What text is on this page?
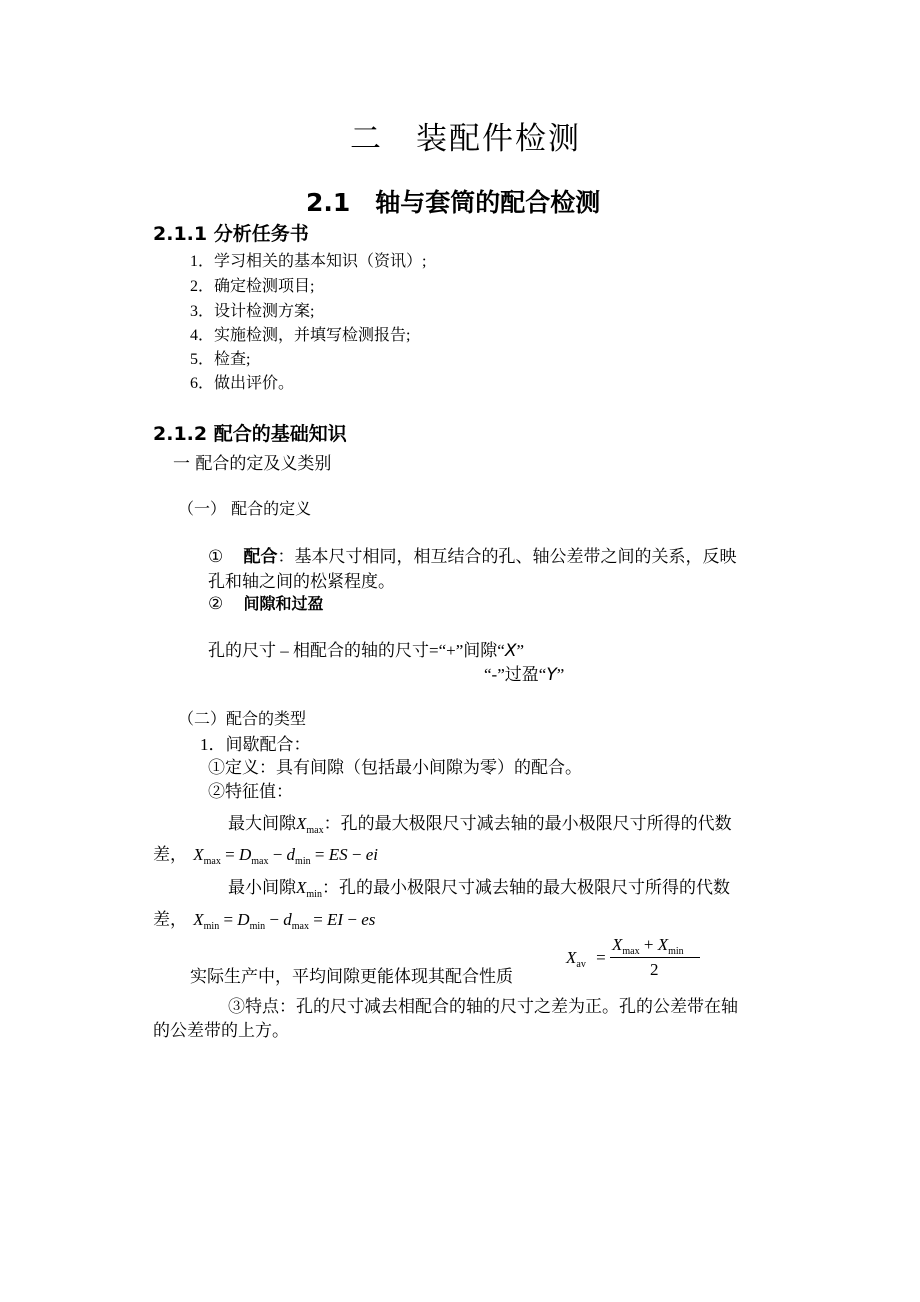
二　装配件检测
2.1　轴与套筒的配合检测
2.1.1 分析任务书
1．学习相关的基本知识（资讯）;
2．确定检测项目;
3．设计检测方案;
4．实施检测，并填写检测报告;
5．检查;
6．做出评价。
2.1.2 配合的基础知识
一 配合的定及义类别
（一） 配合的定义
① 配合：基本尺寸相同，相互结合的孔、轴公差带之间的关系，反映
孔和轴之间的松紧程度。
② 间隙和过盈
孔的尺寸 – 相配合的轴的尺寸=“+”间隙“X”
“-”过盈“Y”
（二）配合的类型
1．间歇配合：
①定义：具有间隙（包括最小间隙为零）的配合。
②特征值：
最大间隙$X_{max}$：孔的最大极限尺寸减去轴的最小极限尺寸所得的代数
差， $X_{max} = D_{max} - d_{min}$ = ES − ei
最小间隙$X_{min}$：孔的最小极限尺寸减去轴的最大极限尺寸所得的代数
差， $X_{min} = D_{min} - d_{max}$ = EI − es
实际生产中，平均间隙更能体现其配合性质
$X_{av}$ =
$X_{max} + X_{min}$
2
③特点：孔的尺寸减去相配合的轴的尺寸之差为正。孔的公差带在轴
的公差带的上方。
